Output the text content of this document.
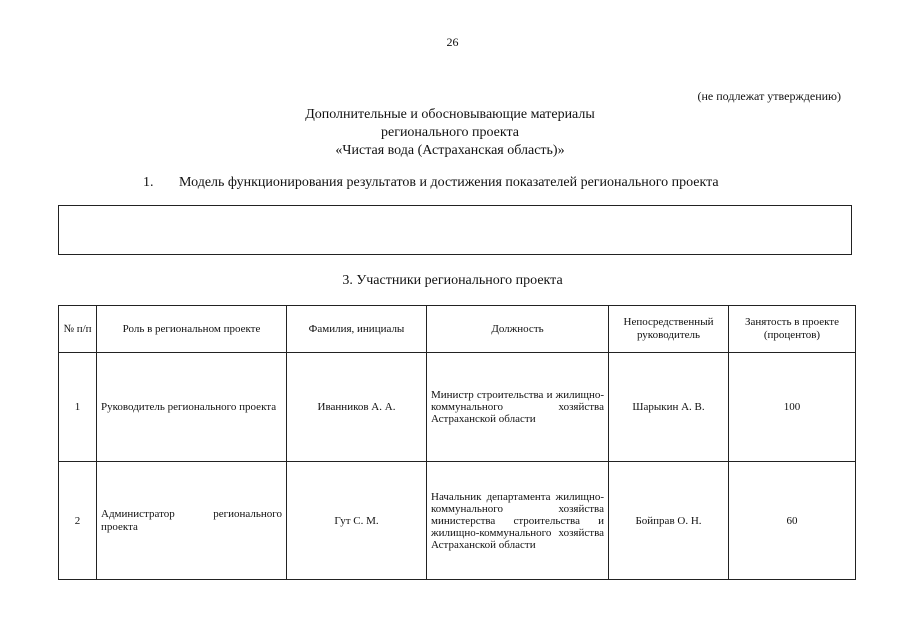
26
(не подлежат утверждению)
Дополнительные и обосновывающие материалы
регионального проекта
«Чистая вода (Астраханская область)»
1. Модель функционирования результатов и достижения показателей регионального проекта
3. Участники регионального проекта
№ п/п	Роль в региональном проекте	Фамилия, инициалы	Должность	Непосредственный руководитель	Занятость в проекте (процентов)
1	Руководитель регионального проекта	Иванников А. А.	Министр строительства и жилищно-коммунального хозяйства Астраханской области	Шарыкин А. В.	100
2	Администратор регионального проекта	Гут С. М.	Начальник департамента жилищно-коммунального хозяйства министерства строительства и жилищно-коммунального хозяйства Астраханской области	Бойправ О. Н.	60
